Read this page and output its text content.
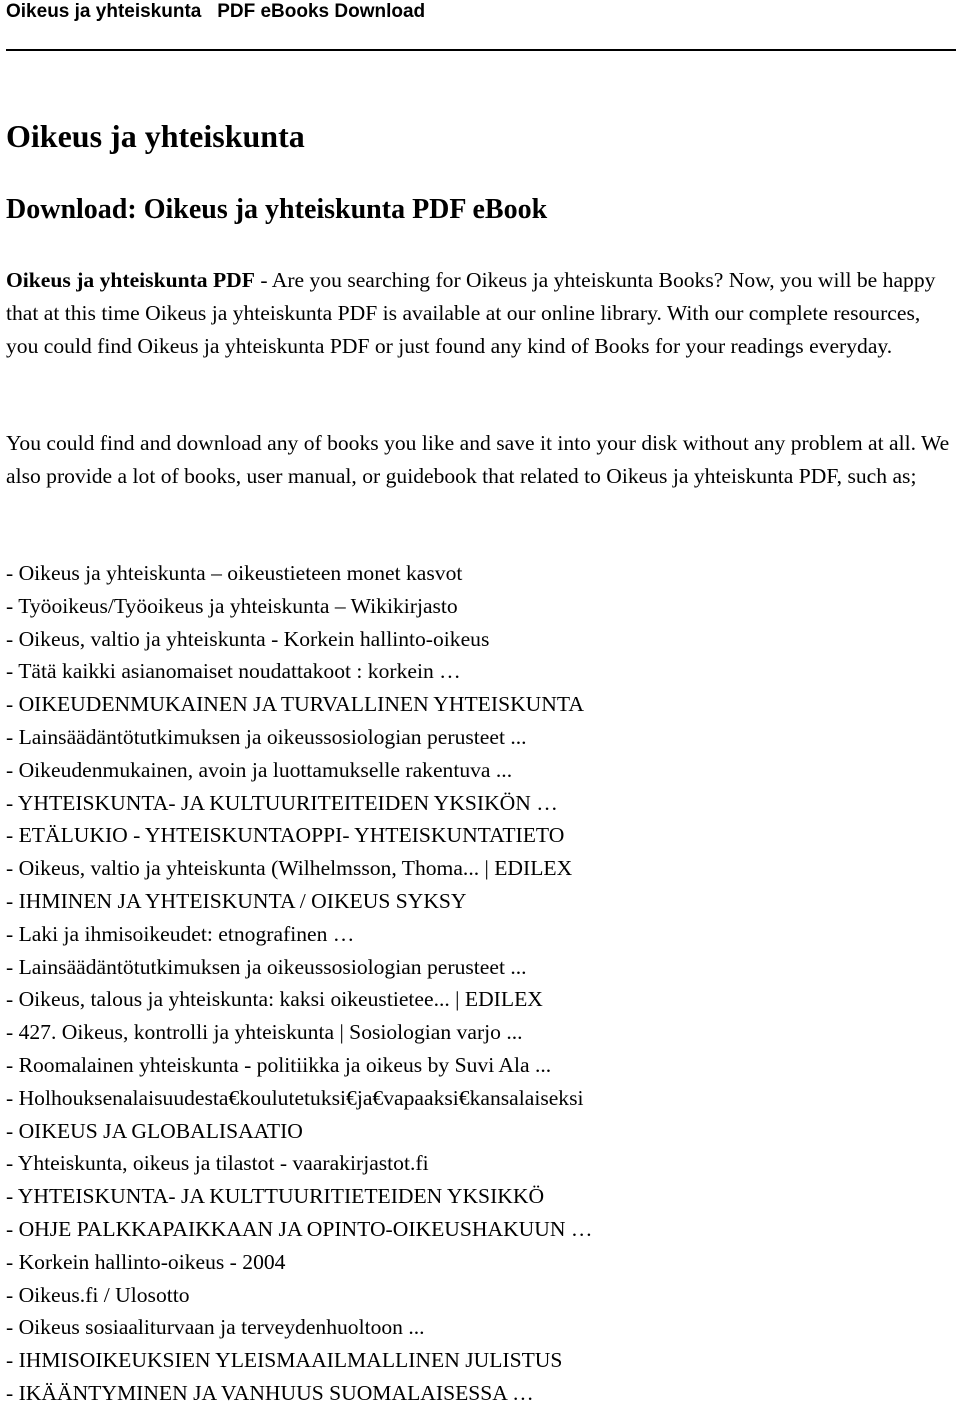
Oikeus ja yhteiskunta   PDF eBooks Download
Oikeus ja yhteiskunta
Download: Oikeus ja yhteiskunta PDF eBook

Oikeus ja yhteiskunta PDF - Are you searching for Oikeus ja yhteiskunta Books? Now, you will be happy that at this time Oikeus ja yhteiskunta PDF is available at our online library. With our complete resources, you could find Oikeus ja yhteiskunta PDF or just found any kind of Books for your readings everyday.

You could find and download any of books you like and save it into your disk without any problem at all. We also provide a lot of books, user manual, or guidebook that related to Oikeus ja yhteiskunta PDF, such as;

- Oikeus ja yhteiskunta – oikeustieteen monet kasvot
- Työoikeus/Työoikeus ja yhteiskunta – Wikikirjasto
- Oikeus, valtio ja yhteiskunta - Korkein hallinto-oikeus
- Tätä kaikki asianomaiset noudattakoot : korkein …
- OIKEUDENMUKAINEN JA TURVALLINEN YHTEISKUNTA
- Lainsäädäntötutkimuksen ja oikeussosiologian perusteet ...
- Oikeudenmukainen, avoin ja luottamukselle rakentuva ...
- YHTEISKUNTA- JA KULTUURITEITEIDEN YKSIKÖN …
- ETÄLUKIO - YHTEISKUNTAOPPI- YHTEISKUNTATIETO
- Oikeus, valtio ja yhteiskunta (Wilhelmsson, Thoma... | EDILEX
- IHMINEN JA YHTEISKUNTA / OIKEUS SYKSY
- Laki ja ihmisoikeudet: etnografinen …
- Lainsäädäntötutkimuksen ja oikeussosiologian perusteet ...
- Oikeus, talous ja yhteiskunta: kaksi oikeustietee... | EDILEX
- 427. Oikeus, kontrolli ja yhteiskunta | Sosiologian varjo ...
- Roomalainen yhteiskunta - politiikka ja oikeus by Suvi Ala ...
- Holhouksenalaisuudesta€koulutetuksi€ja€vapaaksi€kansalaiseksi
- OIKEUS JA GLOBALISAATIO
- Yhteiskunta, oikeus ja tilastot - vaarakirjastot.fi
- YHTEISKUNTA- JA KULTTUURITIETEIDEN YKSIKKÖ
- OHJE PALKKAPAIKKAAN JA OPINTO-OIKEUSHAKUUN …
- Korkein hallinto-oikeus - 2004
- Oikeus.fi / Ulosotto
- Oikeus sosiaaliturvaan ja terveydenhuoltoon ...
- IHMISOIKEUKSIEN YLEISMAAILMALLINEN JULISTUS
- IKÄÄNTYMINEN JA VANHUUS SUOMALAISESSA …
